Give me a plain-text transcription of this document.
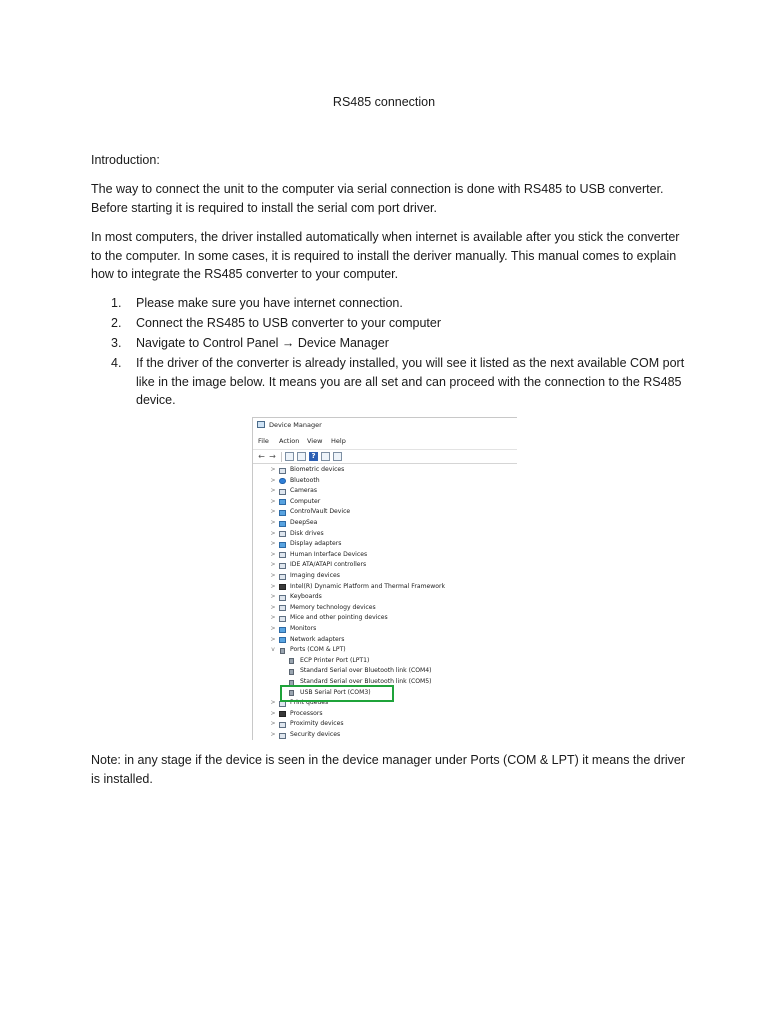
RS485 connection
Introduction:
The way to connect the unit to the computer via serial connection is done with RS485 to USB converter. Before starting it is required to install the serial com port driver.
In most computers, the driver installed automatically when internet is available after you stick the converter to the computer. In some cases, it is required to install the deriver manually. This manual comes to explain how to integrate the RS485 converter to your computer.
1. Please make sure you have internet connection.
2. Connect the RS485 to USB converter to your computer
3. Navigate to Control Panel → Device Manager
4. If the driver of the converter is already installed, you will see it listed as the next available COM port like in the image below. It means you are all set and can proceed with the connection to the RS485 device.
Device Manager
File Action View Help
← →	?
> Biometric devices
> Bluetooth
> Cameras
> Computer
> ControlVault Device
> DeepSea
> Disk drives
> Display adapters
> Human Interface Devices
> IDE ATA/ATAPI controllers
> Imaging devices
> Intel(R) Dynamic Platform and Thermal Framework
> Keyboards
> Memory technology devices
> Mice and other pointing devices
> Monitors
> Network adapters
v	Ports (COM & LPT)
ECP Printer Port (LPT1)
Standard Serial over Bluetooth link (COM4)
Standard Serial over Bluetooth link (COM5)
USB Serial Port (COM3)
> Print queues
> Processors
> Proximity devices
> Security devices
Note: in any stage if the device is seen in the device manager under Ports (COM & LPT) it means the driver is installed.
